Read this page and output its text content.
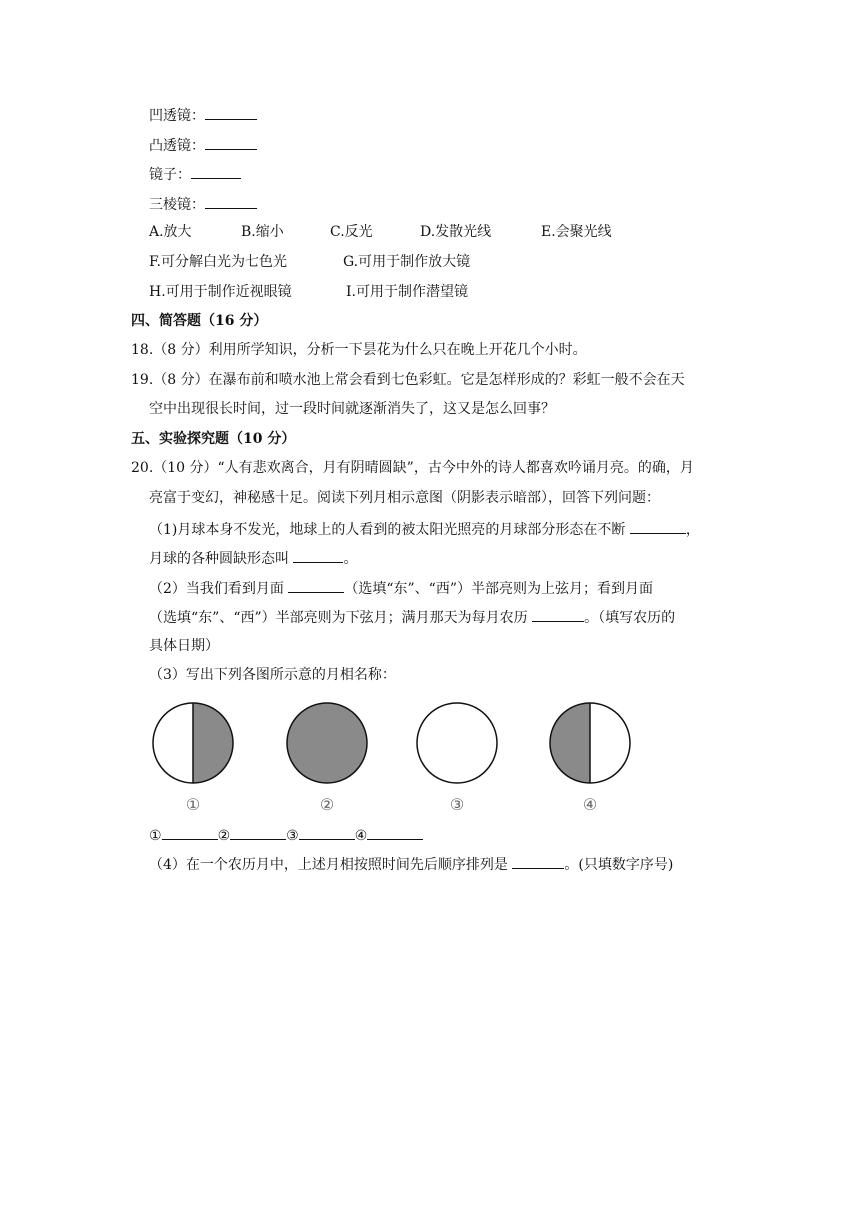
凹透镜：
凸透镜：
镜子：
三棱镜：
A.放大	B.缩小	C.反光	D.发散光线	E.会聚光线
F.可分解白光为七色光	G.可用于制作放大镜
H.可用于制作近视眼镜	I.可用于制作潜望镜
四、简答题（16 分）
18.（8 分）利用所学知识，分析一下昙花为什么只在晚上开花几个小时。
19.（8 分）在瀑布前和喷水池上常会看到七色彩虹。它是怎样形成的？彩虹一般不会在天
空中出现很长时间，过一段时间就逐渐消失了，这又是怎么回事？
五、实验探究题（10 分）
20.（10 分）“人有悲欢离合，月有阴晴圆缺”，古今中外的诗人都喜欢吟诵月亮。的确，月
亮富于变幻，神秘感十足。阅读下列月相示意图（阴影表示暗部），回答下列问题：
（1)月球本身不发光，地球上的人看到的被太阳光照亮的月球部分形态在不断	，
月球的各种圆缺形态叫	。
（2）当我们看到月面	（选填“东”、“西”）半部亮则为上弦月；看到月面
（选填“东”、“西”）半部亮则为下弦月；满月那天为每月农历	。（填写农历的
具体日期）
（3）写出下列各图所示意的月相名称：
①	②	③	④
①	②	③	④
（4）在一个农历月中，上述月相按照时间先后顺序排列是	。(只填数字序号)
